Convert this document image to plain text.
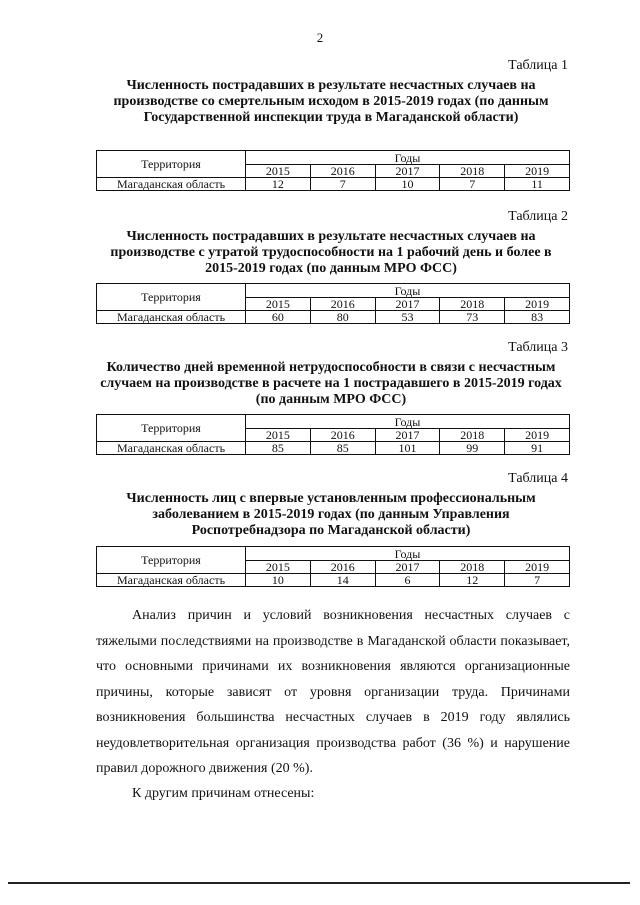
2
Таблица 1
Численность пострадавших в результате несчастных случаев на производстве со смертельным исходом в 2015-2019 годах (по данным Государственной инспекции труда в Магаданской области)
Территория	Годы				
	2015	2016	2017	2018	2019
Магаданская область	12	7	10	7	11
Таблица 2
Численность пострадавших в результате несчастных случаев на производстве с утратой трудоспособности на 1 рабочий день и более в 2015-2019 годах (по данным МРО ФСС)
Территория	Годы				
	2015	2016	2017	2018	2019
Магаданская область	60	80	53	73	83
Таблица 3
Количество дней временной нетрудоспособности в связи с несчастным случаем на производстве в расчете на 1 пострадавшего в 2015-2019 годах (по данным МРО ФСС)
Территория	Годы				
	2015	2016	2017	2018	2019
Магаданская область	85	85	101	99	91
Таблица 4
Численность лиц с впервые установленным профессиональным заболеванием в 2015-2019 годах (по данным Управления Роспотребнадзора по Магаданской области)
Территория	Годы				
	2015	2016	2017	2018	2019
Магаданская область	10	14	6	12	7
Анализ причин и условий возникновения несчастных случаев с тяжелыми последствиями на производстве в Магаданской области показывает, что основными причинами их возникновения являются организационные причины, которые зависят от уровня организации труда. Причинами возникновения большинства несчастных случаев в 2019 году являлись неудовлетворительная организация производства работ (36 %) и нарушение правил дорожного движения (20 %).
К другим причинам отнесены:
